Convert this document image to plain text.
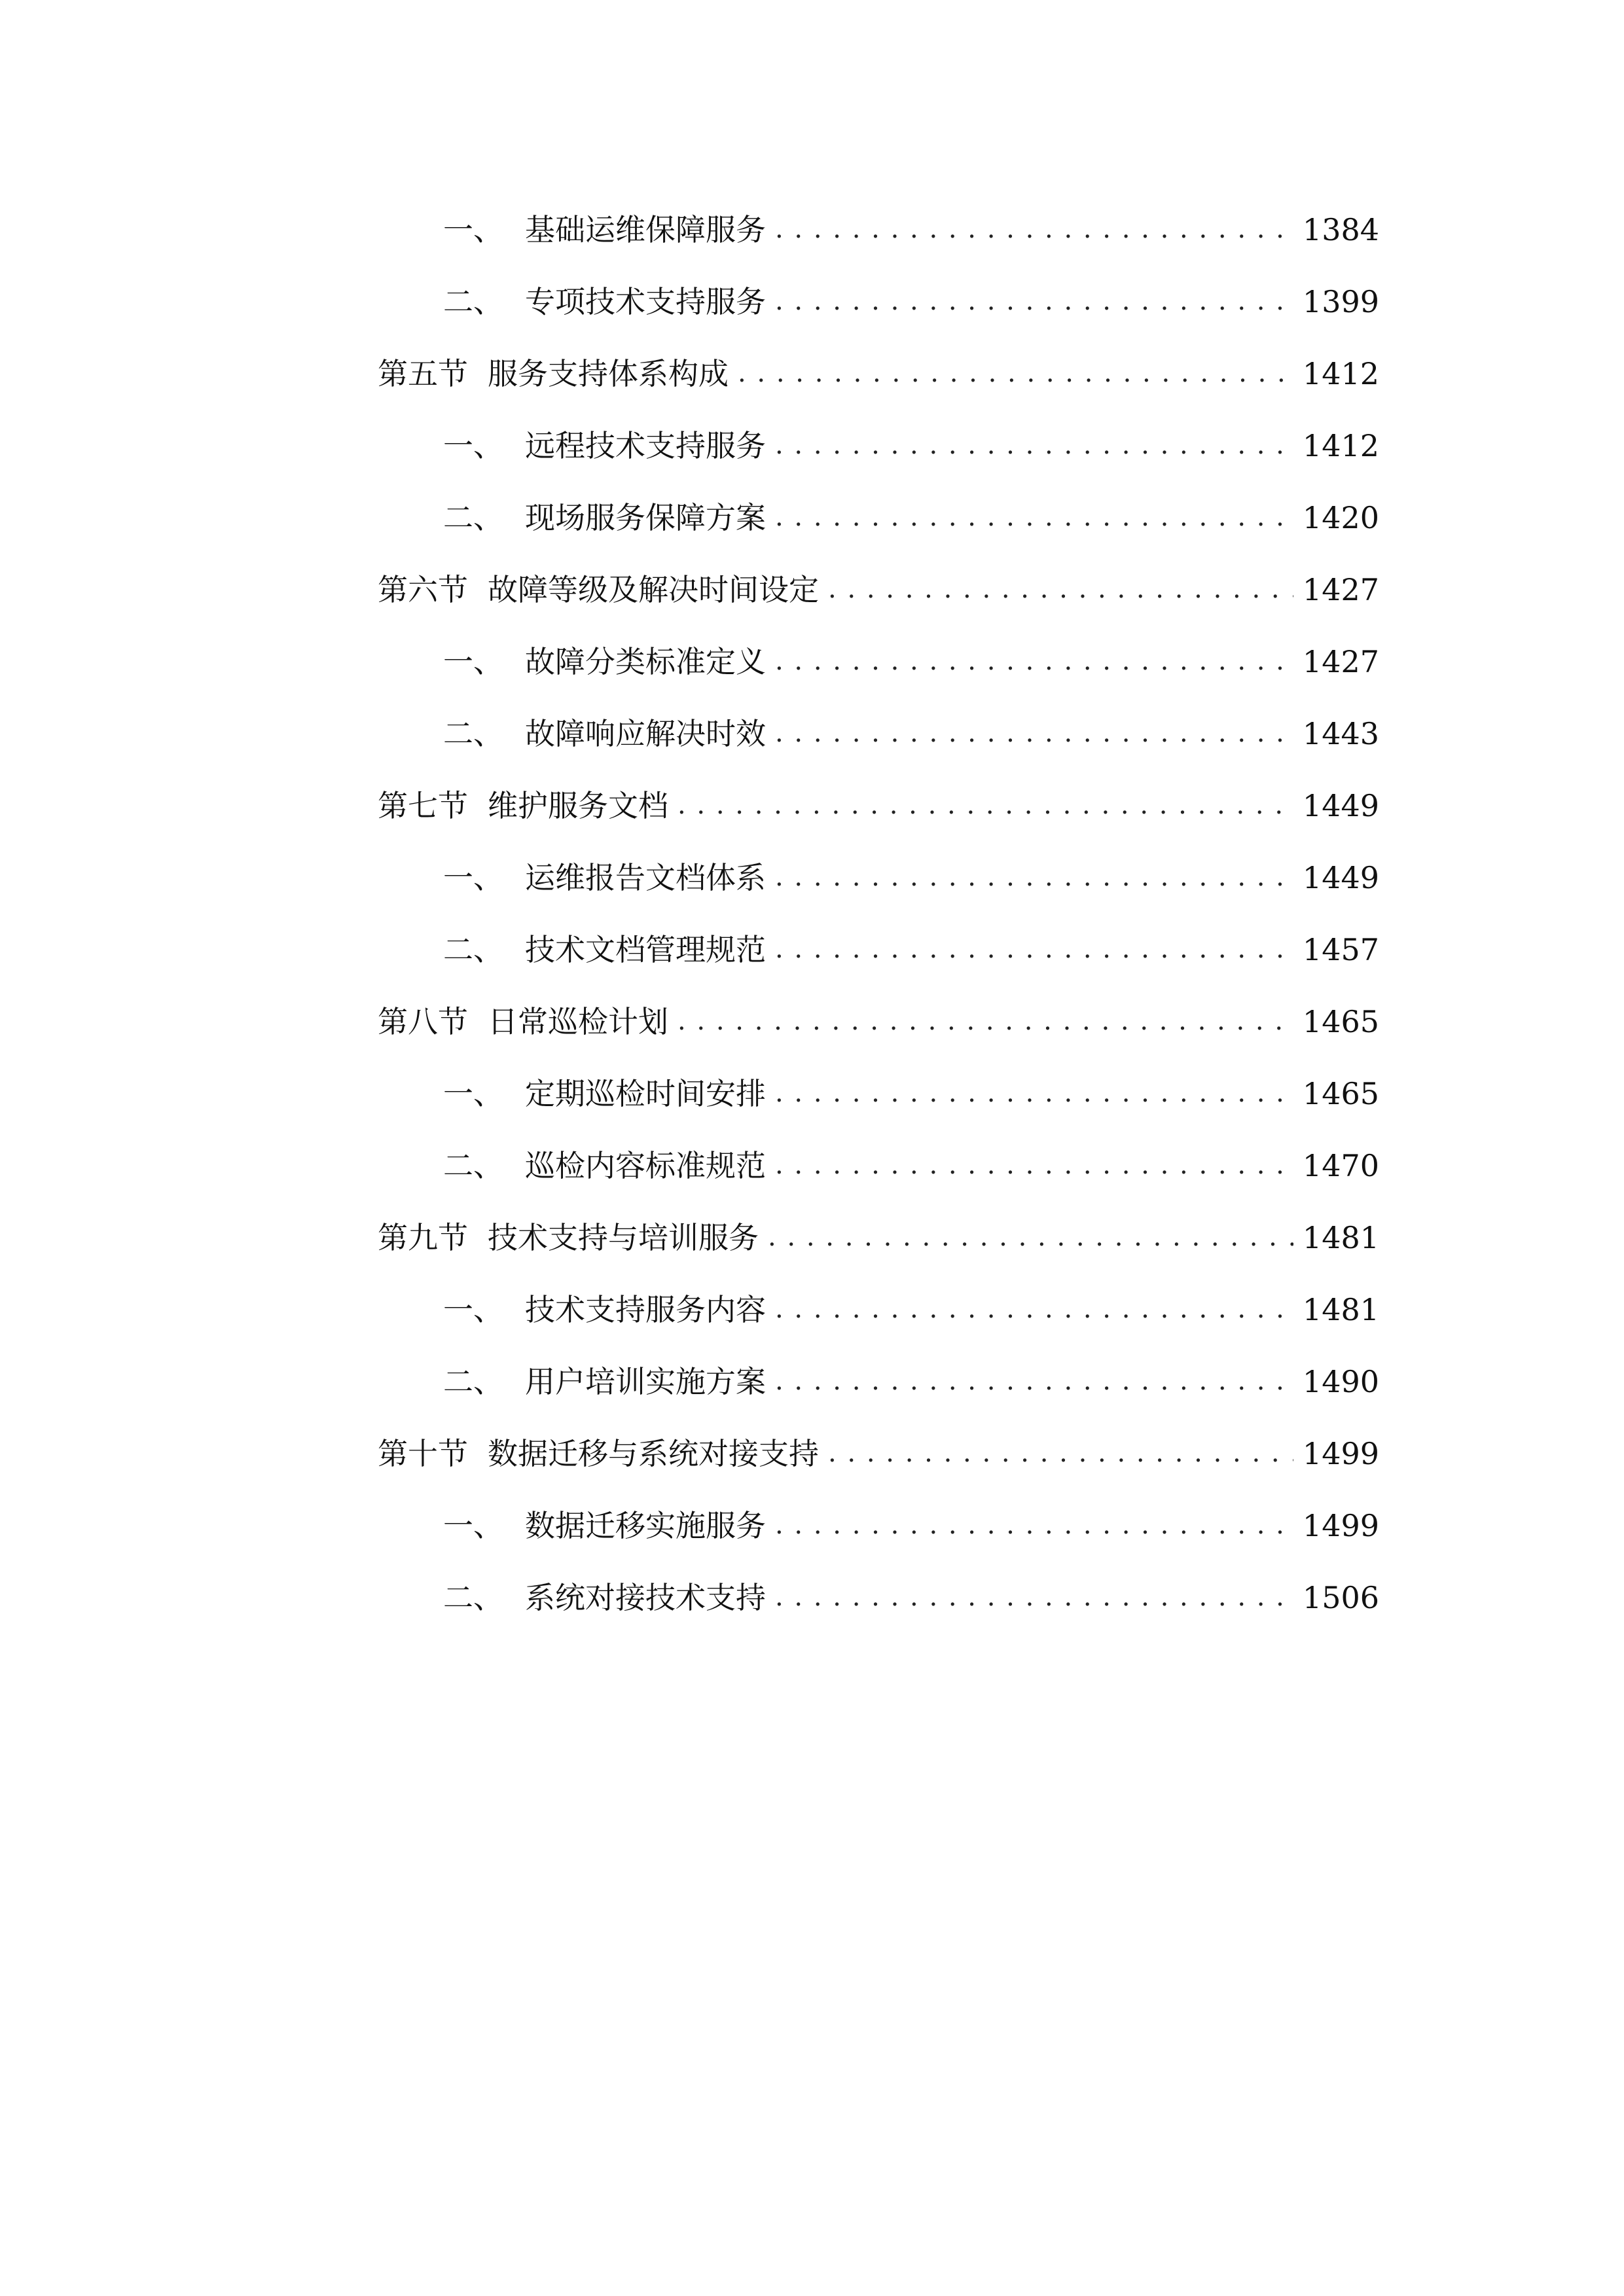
一、 基础运维保障服务 . . .	1384
二、 专项技术支持服务 . . .	1399
第五节 服务支持体系构成 . . .	1412
一、 远程技术支持服务 . . .	1412
二、 现场服务保障方案 . . .	1420
第六节 故障等级及解决时间设定 . . .	1427
一、 故障分类标准定义 . . .	1427
二、 故障响应解决时效 . . .	1443
第七节 维护服务文档 . . .	1449
一、 运维报告文档体系 . . .	1449
二、 技术文档管理规范 . . .	1457
第八节 日常巡检计划 . . .	1465
一、 定期巡检时间安排 . . .	1465
二、 巡检内容标准规范 . . .	1470
第九节 技术支持与培训服务 . . .	1481
一、 技术支持服务内容 . . .	1481
二、 用户培训实施方案 . . .	1490
第十节 数据迁移与系统对接支持 . . .	1499
一、 数据迁移实施服务 . . .	1499
二、 系统对接技术支持 . . .	1506
